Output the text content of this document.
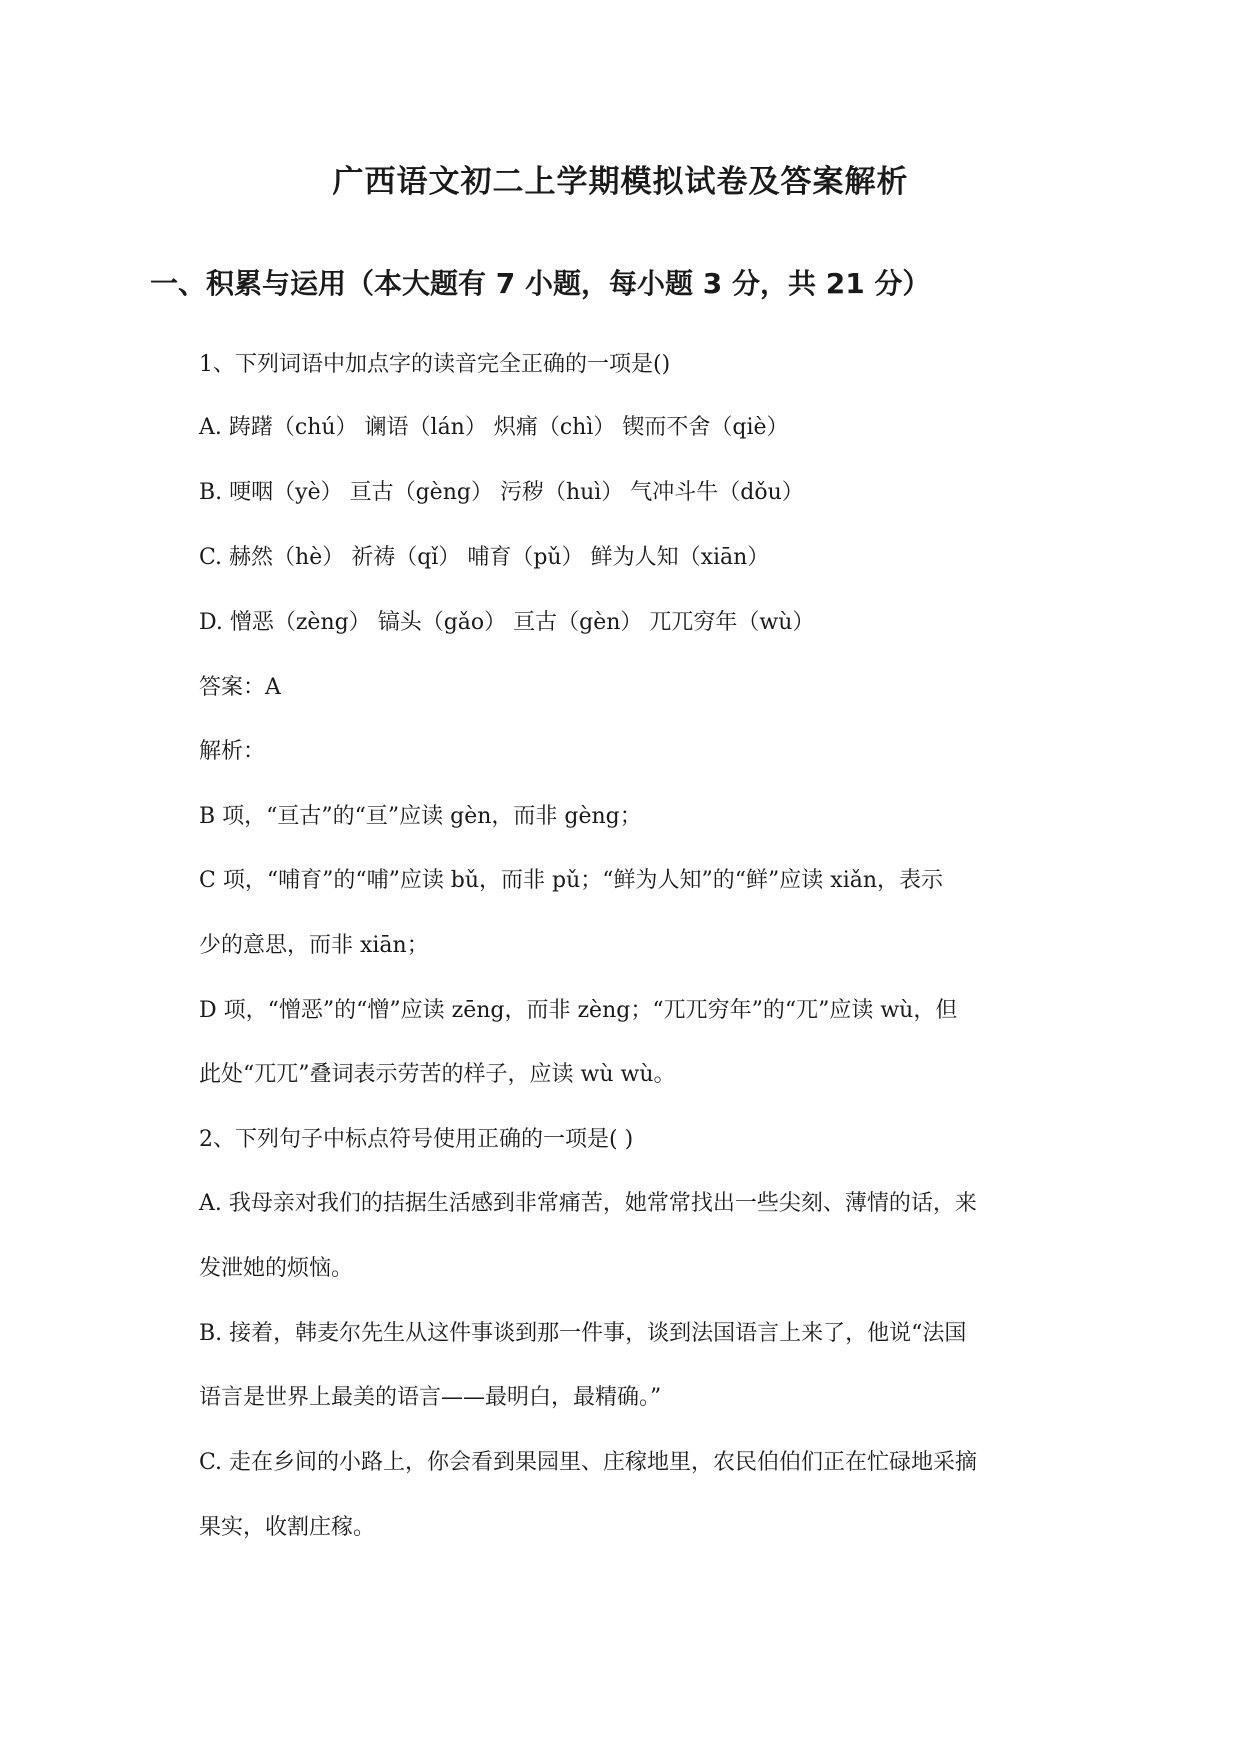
广西语文初二上学期模拟试卷及答案解析
一、积累与运用（本大题有 7 小题，每小题 3 分，共 21 分）
1、下列词语中加点字的读音完全正确的一项是()
A. 踌躇（chú） 谰语（lán） 炽痛（chì） 锲而不舍（qiè）
B. 哽咽（yè） 亘古（gèng） 污秽（huì） 气冲斗牛（dǒu）
C. 赫然（hè） 祈祷（qǐ） 哺育（pǔ） 鲜为人知（xiān）
D. 憎恶（zèng） 镐头（gǎo） 亘古（gèn） 兀兀穷年（wù）
答案：A
解析：
B 项，“亘古”的“亘”应读 gèn，而非 gèng；
C 项，“哺育”的“哺”应读 bǔ，而非 pǔ；“鲜为人知”的“鲜”应读 xiǎn，表示
少的意思，而非 xiān；
D 项，“憎恶”的“憎”应读 zēng，而非 zèng；“兀兀穷年”的“兀”应读 wù，但
此处“兀兀”叠词表示劳苦的样子，应读 wù wù。
2、下列句子中标点符号使用正确的一项是( )
A. 我母亲对我们的拮据生活感到非常痛苦，她常常找出一些尖刻、薄情的话，来
发泄她的烦恼。
B. 接着，韩麦尔先生从这件事谈到那一件事，谈到法国语言上来了，他说“法国
语言是世界上最美的语言——最明白，最精确。”
C. 走在乡间的小路上，你会看到果园里、庄稼地里，农民伯伯们正在忙碌地采摘
果实，收割庄稼。
